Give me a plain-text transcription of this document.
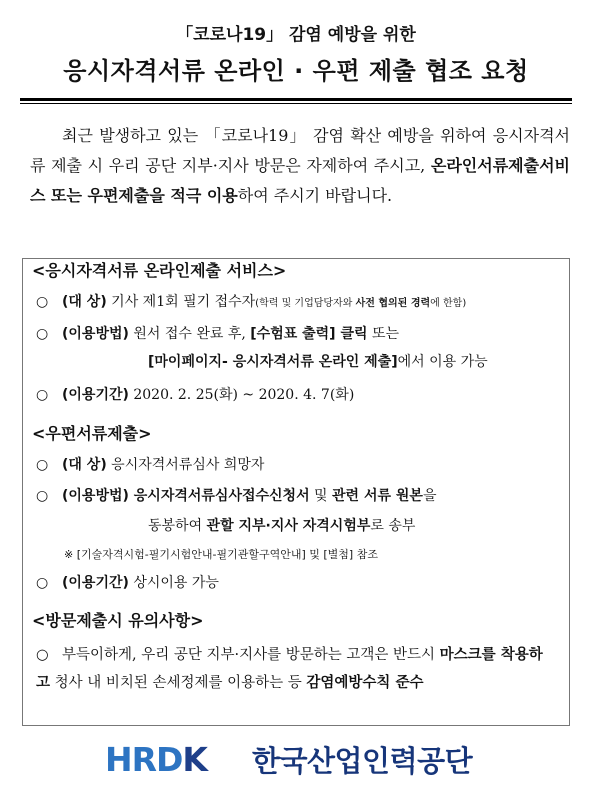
「코로나19」 감염 예방을 위한
응시자격서류 온라인 · 우편 제출 협조 요청
최근 발생하고 있는 「코로나19」 감염 확산 예방을 위하여 응시자격서류 제출 시 우리 공단 지부·지사 방문은 자제하여 주시고, 온라인서류제출서비스 또는 우편제출을 적극 이용하여 주시기 바랍니다.
<응시자격서류 온라인제출 서비스>
○ (대 상) 기사 제1회 필기 접수자(학력 및 기업담당자와 사전 협의된 경력에 한함)
○ (이용방법) 원서 접수 완료 후, [수험표 출력] 클릭 또는
[마이페이지- 응시자격서류 온라인 제출]에서 이용 가능
○ (이용기간) 2020. 2. 25(화) ~ 2020. 4. 7(화)
<우편서류제출>
○ (대 상) 응시자격서류심사 희망자
○ (이용방법) 응시자격서류심사접수신청서 및 관련 서류 원본을
동봉하여 관할 지부·지사 자격시험부로 송부
※ [기술자격시험-필기시험안내-필기관할구역안내] 및 [별첨] 참조
○ (이용기간) 상시이용 가능
<방문제출시 유의사항>
○ 부득이하게, 우리 공단 지부·지사를 방문하는 고객은 반드시 마스크를 착용하고 청사 내 비치된 손세정제를 이용하는 등 감염예방수칙 준수
HRDK 한국산업인력공단
